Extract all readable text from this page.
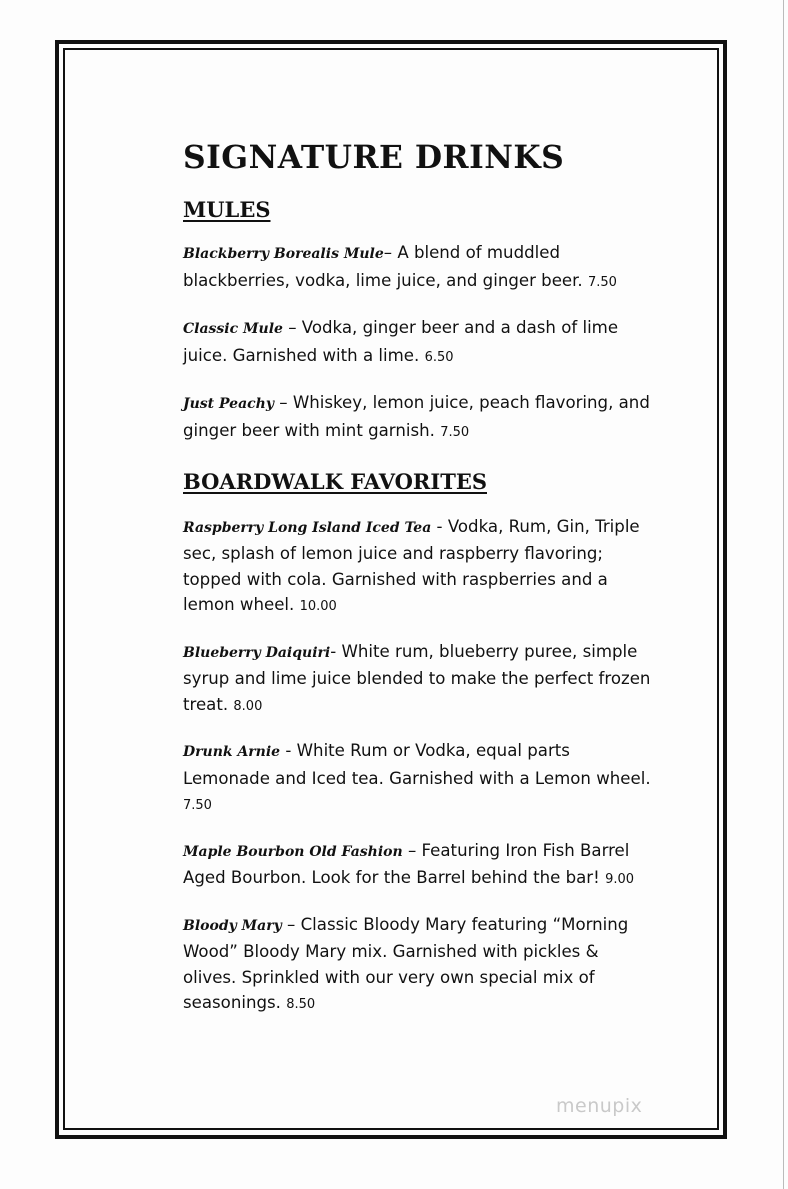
SIGNATURE DRINKS
MULES

Blackberry Borealis Mule– A blend of muddled blackberries, vodka, lime juice, and ginger beer. 7.50

Classic Mule – Vodka, ginger beer and a dash of lime juice. Garnished with a lime. 6.50

Just Peachy – Whiskey, lemon juice, peach flavoring, and ginger beer with mint garnish. 7.50

BOARDWALK FAVORITES

Raspberry Long Island Iced Tea - Vodka, Rum, Gin, Triple sec, splash of lemon juice and raspberry flavoring; topped with cola. Garnished with raspberries and a lemon wheel. 10.00

Blueberry Daiquiri- White rum, blueberry puree, simple syrup and lime juice blended to make the perfect frozen treat. 8.00

Drunk Arnie - White Rum or Vodka, equal parts Lemonade and Iced tea. Garnished with a Lemon wheel. 7.50

Maple Bourbon Old Fashion – Featuring Iron Fish Barrel Aged Bourbon. Look for the Barrel behind the bar! 9.00

Bloody Mary – Classic Bloody Mary featuring “Morning Wood” Bloody Mary mix. Garnished with pickles & olives. Sprinkled with our very own special mix of seasonings. 8.50

menupix
